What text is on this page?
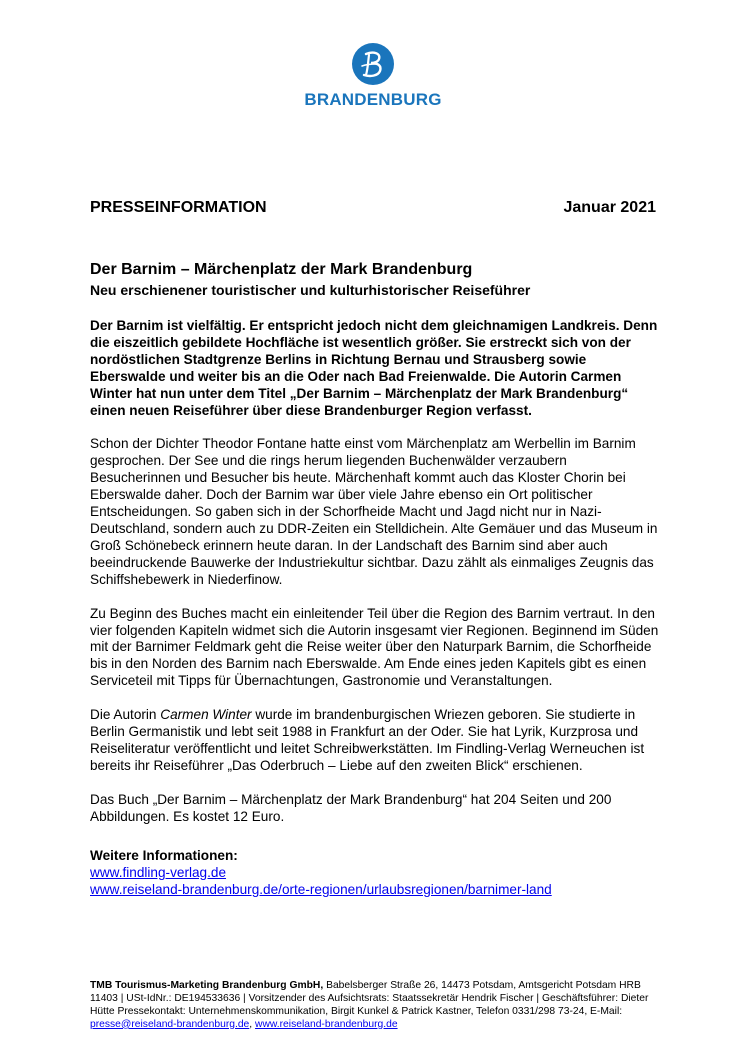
BRANDENBURG
PRESSEINFORMATION	Januar 2021
Der Barnim – Märchenplatz der Mark Brandenburg
Neu erschienener touristischer und kulturhistorischer Reiseführer

Der Barnim ist vielfältig. Er entspricht jedoch nicht dem gleichnamigen Landkreis. Denn die eiszeitlich gebildete Hochfläche ist wesentlich größer. Sie erstreckt sich von der nordöstlichen Stadtgrenze Berlins in Richtung Bernau und Strausberg sowie Eberswalde und weiter bis an die Oder nach Bad Freienwalde. Die Autorin Carmen Winter hat nun unter dem Titel „Der Barnim – Märchenplatz der Mark Brandenburg“ einen neuen Reiseführer über diese Brandenburger Region verfasst.

Schon der Dichter Theodor Fontane hatte einst vom Märchenplatz am Werbellin im Barnim gesprochen. Der See und die rings herum liegenden Buchenwälder verzaubern Besucherinnen und Besucher bis heute. Märchenhaft kommt auch das Kloster Chorin bei Eberswalde daher. Doch der Barnim war über viele Jahre ebenso ein Ort politischer Entscheidungen. So gaben sich in der Schorfheide Macht und Jagd nicht nur in Nazi-Deutschland, sondern auch zu DDR-Zeiten ein Stelldichein. Alte Gemäuer und das Museum in Groß Schönebeck erinnern heute daran. In der Landschaft des Barnim sind aber auch beeindruckende Bauwerke der Industriekultur sichtbar. Dazu zählt als einmaliges Zeugnis das Schiffshebewerk in Niederfinow.

Zu Beginn des Buches macht ein einleitender Teil über die Region des Barnim vertraut. In den vier folgenden Kapiteln widmet sich die Autorin insgesamt vier Regionen. Beginnend im Süden mit der Barnimer Feldmark geht die Reise weiter über den Naturpark Barnim, die Schorfheide bis in den Norden des Barnim nach Eberswalde. Am Ende eines jeden Kapitels gibt es einen Serviceteil mit Tipps für Übernachtungen, Gastronomie und Veranstaltungen.

Die Autorin Carmen Winter wurde im brandenburgischen Wriezen geboren. Sie studierte in Berlin Germanistik und lebt seit 1988 in Frankfurt an der Oder. Sie hat Lyrik, Kurzprosa und Reiseliteratur veröffentlicht und leitet Schreibwerkstätten. Im Findling-Verlag Werneuchen ist bereits ihr Reiseführer „Das Oderbruch – Liebe auf den zweiten Blick“ erschienen.

Das Buch „Der Barnim – Märchenplatz der Mark Brandenburg“ hat 204 Seiten und 200 Abbildungen. Es kostet 12 Euro.

Weitere Informationen:
www.findling-verlag.de
www.reiseland-brandenburg.de/orte-regionen/urlaubsregionen/barnimer-land
TMB Tourismus-Marketing Brandenburg GmbH, Babelsberger Straße 26, 14473 Potsdam, Amtsgericht Potsdam HRB 11403 | USt-IdNr.: DE194533636 | Vorsitzender des Aufsichtsrats: Staatssekretär Hendrik Fischer | Geschäftsführer: Dieter Hütte Pressekontakt: Unternehmenskommunikation, Birgit Kunkel & Patrick Kastner, Telefon 0331/298 73-24, E-Mail: presse@reiseland-brandenburg.de, www.reiseland-brandenburg.de
